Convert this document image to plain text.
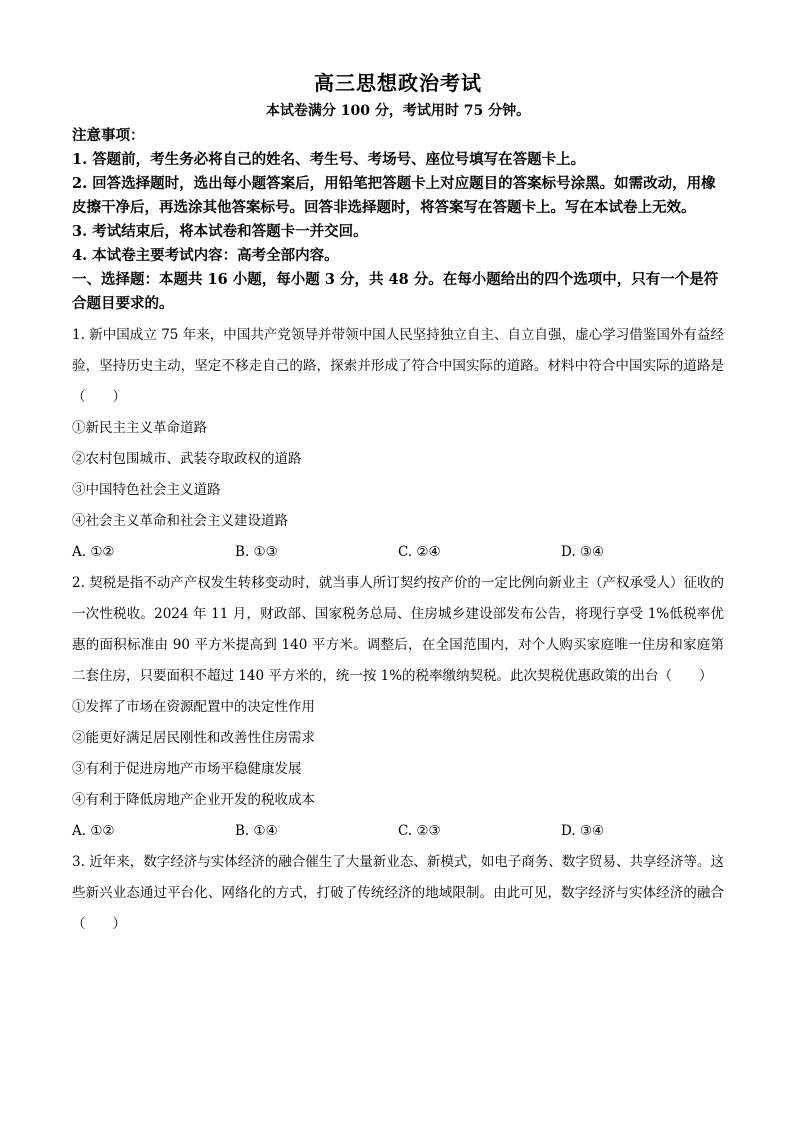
高三思想政治考试
本试卷满分 100 分，考试用时 75 分钟。

注意事项：

1. 答题前，考生务必将自己的姓名、考生号、考场号、座位号填写在答题卡上。

2. 回答选择题时，选出每小题答案后，用铅笔把答题卡上对应题目的答案标号涂黑。如需改动，用橡皮擦干净后，再选涂其他答案标号。回答非选择题时，将答案写在答题卡上。写在本试卷上无效。

3. 考试结束后，将本试卷和答题卡一并交回。

4. 本试卷主要考试内容：高考全部内容。

一、选择题：本题共 16 小题，每小题 3 分，共 48 分。在每小题给出的四个选项中，只有一个是符合题目要求的。

1. 新中国成立 75 年来，中国共产党领导并带领中国人民坚持独立自主、自立自强，虚心学习借鉴国外有益经验，坚持历史主动，坚定不移走自己的路，探索并形成了符合中国实际的道路。材料中符合中国实际的道路是（　　）

①新民主主义革命道路

②农村包围城市、武装夺取政权的道路

③中国特色社会主义道路

④社会主义革命和社会主义建设道路

A. ①②	B. ①③	C. ②④	D. ③④

2. 契税是指不动产产权发生转移变动时，就当事人所订契约按产价的一定比例向新业主（产权承受人）征收的一次性税收。2024 年 11 月，财政部、国家税务总局、住房城乡建设部发布公告，将现行享受 1%低税率优惠的面积标准由 90 平方米提高到 140 平方米。调整后，在全国范围内，对个人购买家庭唯一住房和家庭第二套住房，只要面积不超过 140 平方米的，统一按 1%的税率缴纳契税。此次契税优惠政策的出台（　　）

①发挥了市场在资源配置中的决定性作用

②能更好满足居民刚性和改善性住房需求

③有利于促进房地产市场平稳健康发展

④有利于降低房地产企业开发的税收成本

A. ①②	B. ①④	C. ②③	D. ③④

3. 近年来，数字经济与实体经济的融合催生了大量新业态、新模式，如电子商务、数字贸易、共享经济等。这些新兴业态通过平台化、网络化的方式，打破了传统经济的地域限制。由此可见，数字经济与实体经济的融合（　　）
